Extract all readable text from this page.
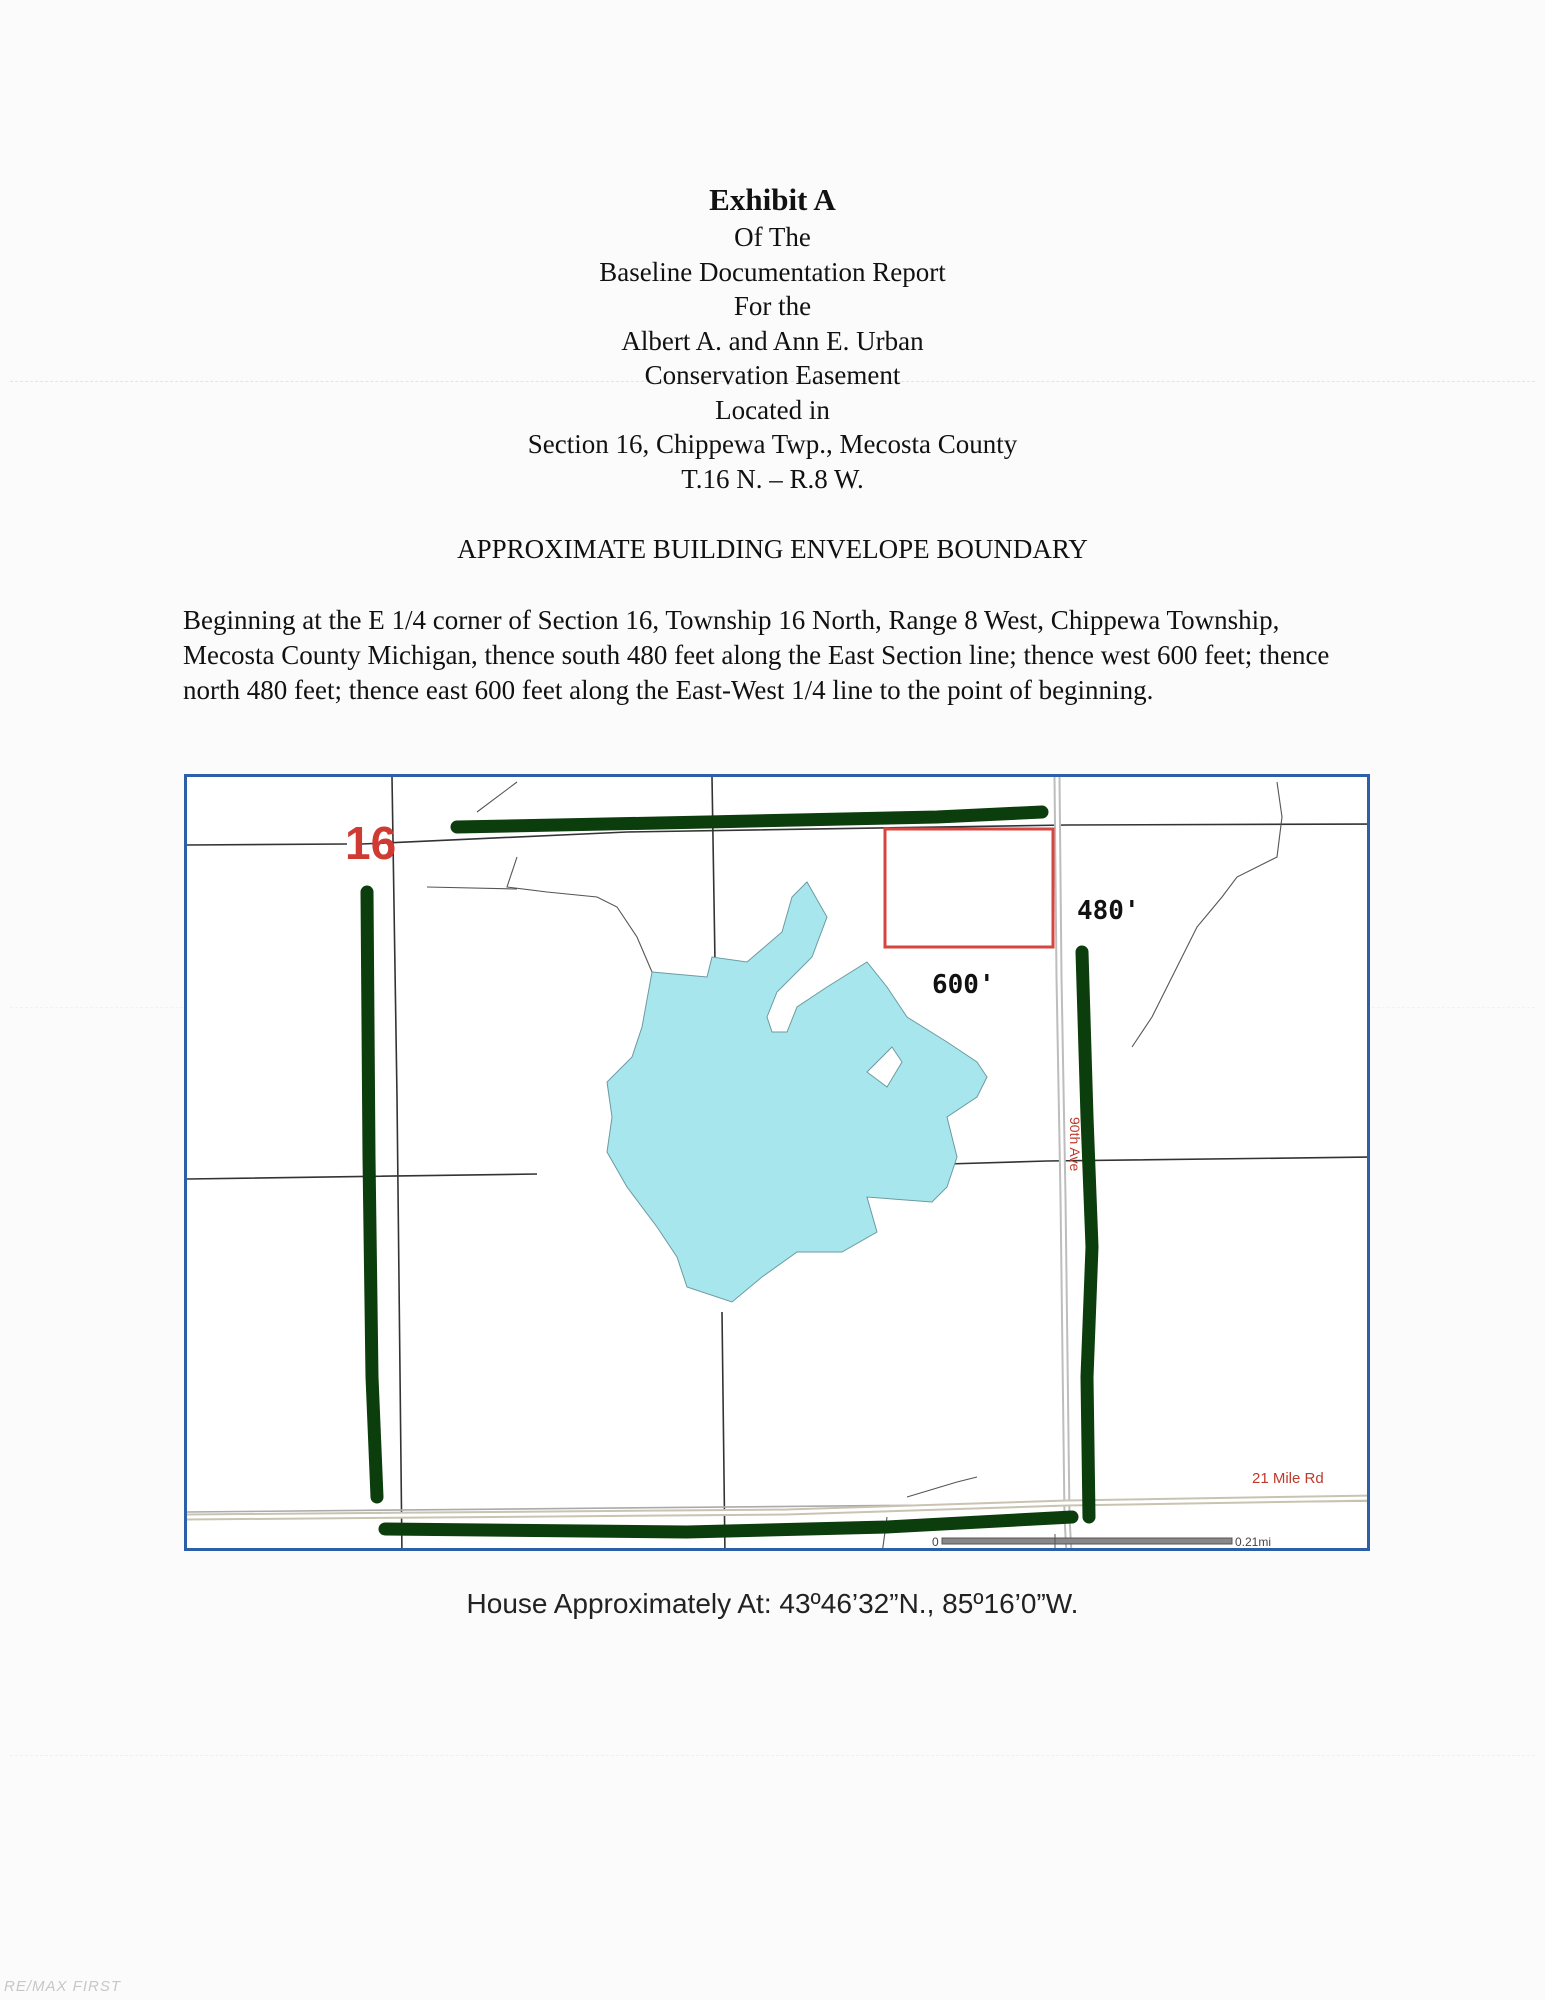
Exhibit A
Of The
Baseline Documentation Report
For the
Albert A. and Ann E. Urban
Conservation Easement
Located in
Section 16, Chippewa Twp., Mecosta County
T.16 N. – R.8 W.
APPROXIMATE BUILDING ENVELOPE BOUNDARY
Beginning at the E 1/4 corner of Section 16, Township 16 North, Range 8 West, Chippewa Township, Mecosta County Michigan, thence south 480 feet along the East Section line; thence west 600 feet; thence north 480 feet; thence east 600 feet along the East-West 1/4 line to the point of beginning.
0	0.21mi
16
480'
600'
90th Ave
21 Mile Rd
House Approximately At: 43º46’32”N., 85º16’0”W.
RE/MAX FIRST
